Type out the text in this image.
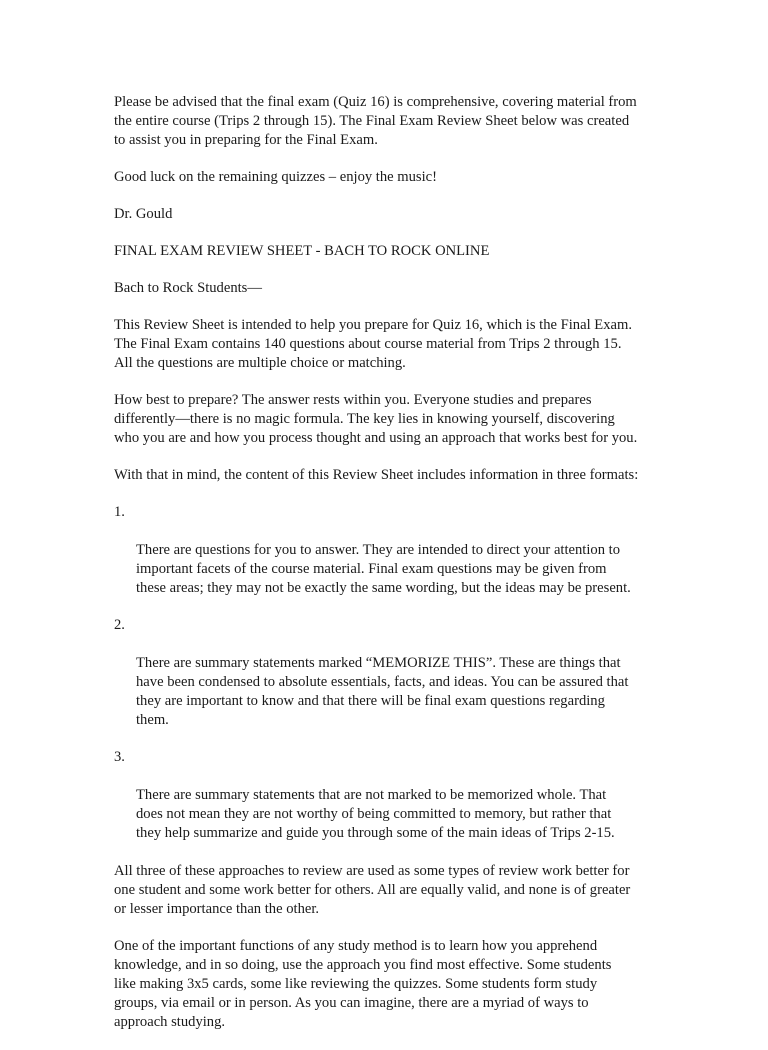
Please be advised that the final exam (Quiz 16) is comprehensive, covering material from
the entire course (Trips 2 through 15). The Final Exam Review Sheet below was created
to assist you in preparing for the Final Exam.

Good luck on the remaining quizzes – enjoy the music!

Dr. Gould

FINAL EXAM REVIEW SHEET - BACH TO ROCK ONLINE

Bach to Rock Students—

This Review Sheet is intended to help you prepare for Quiz 16, which is the Final Exam.
The Final Exam contains 140 questions about course material from Trips 2 through 15.
All the questions are multiple choice or matching.

How best to prepare? The answer rests within you. Everyone studies and prepares
differently—there is no magic formula. The key lies in knowing yourself, discovering
who you are and how you process thought and using an approach that works best for you.

With that in mind, the content of this Review Sheet includes information in three formats:

1.

There are questions for you to answer. They are intended to direct your attention to
important facets of the course material. Final exam questions may be given from
these areas; they may not be exactly the same wording, but the ideas may be present.

2.

There are summary statements marked “MEMORIZE THIS”. These are things that
have been condensed to absolute essentials, facts, and ideas. You can be assured that
they are important to know and that there will be final exam questions regarding
them.

3.

There are summary statements that are not marked to be memorized whole. That
does not mean they are not worthy of being committed to memory, but rather that
they help summarize and guide you through some of the main ideas of Trips 2-15.

All three of these approaches to review are used as some types of review work better for
one student and some work better for others. All are equally valid, and none is of greater
or lesser importance than the other.

One of the important functions of any study method is to learn how you apprehend
knowledge, and in so doing, use the approach you find most effective. Some students
like making 3x5 cards, some like reviewing the quizzes. Some students form study
groups, via email or in person. As you can imagine, there are a myriad of ways to
approach studying.
